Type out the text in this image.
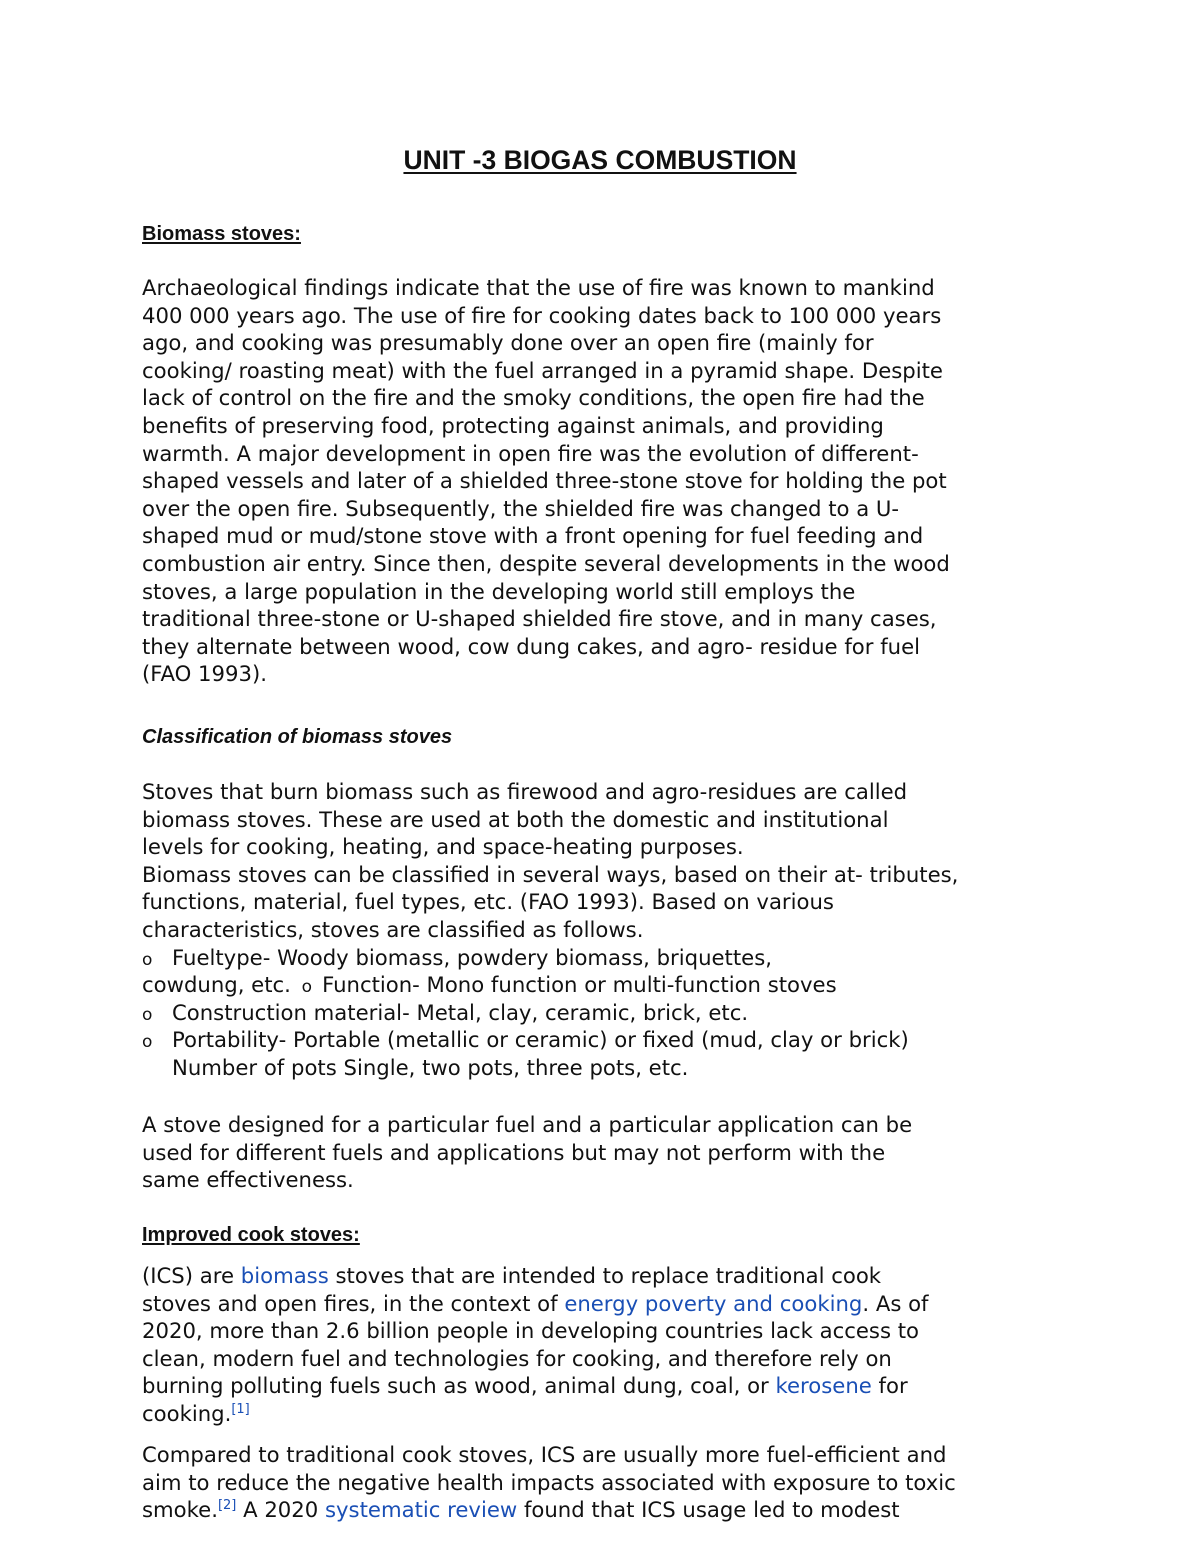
UNIT -3 BIOGAS COMBUSTION
Biomass stoves:
Archaeological findings indicate that the use of fire was known to mankind
400 000 years ago. The use of fire for cooking dates back to 100 000 years
ago, and cooking was presumably done over an open fire (mainly for
cooking/ roasting meat) with the fuel arranged in a pyramid shape. Despite
lack of control on the fire and the smoky conditions, the open fire had the
benefits of preserving food, protecting against animals, and providing
warmth. A major development in open fire was the evolution of different-
shaped vessels and later of a shielded three-stone stove for holding the pot
over the open fire. Subsequently, the shielded fire was changed to a U-
shaped mud or mud/stone stove with a front opening for fuel feeding and
combustion air entry. Since then, despite several developments in the wood
stoves, a large population in the developing world still employs the
traditional three-stone or U-shaped shielded fire stove, and in many cases,
they alternate between wood, cow dung cakes, and agro- residue for fuel
(FAO 1993).
Classification of biomass stoves
Stoves that burn biomass such as firewood and agro-residues are called
biomass stoves. These are used at both the domestic and institutional
levels for cooking, heating, and space-heating purposes.
Biomass stoves can be classified in several ways, based on their at- tributes,
functions, material, fuel types, etc. (FAO 1993). Based on various
characteristics, stoves are classified as follows.
o Fueltype- Woody biomass, powdery biomass, briquettes,
cowdung, etc. o Function- Mono function or multi-function stoves
o Construction material- Metal, clay, ceramic, brick, etc.
o Portability- Portable (metallic or ceramic) or fixed (mud, clay or brick)
Number of pots Single, two pots, three pots, etc.
A stove designed for a particular fuel and a particular application can be
used for different fuels and applications but may not perform with the
same effectiveness.
Improved cook stoves:
(ICS) are biomass stoves that are intended to replace traditional cook
stoves and open fires, in the context of energy poverty and cooking. As of
2020, more than 2.6 billion people in developing countries lack access to
clean, modern fuel and technologies for cooking, and therefore rely on
burning polluting fuels such as wood, animal dung, coal, or kerosene for
cooking.[1]
Compared to traditional cook stoves, ICS are usually more fuel-efficient and
aim to reduce the negative health impacts associated with exposure to toxic
smoke.[2] A 2020 systematic review found that ICS usage led to modest
